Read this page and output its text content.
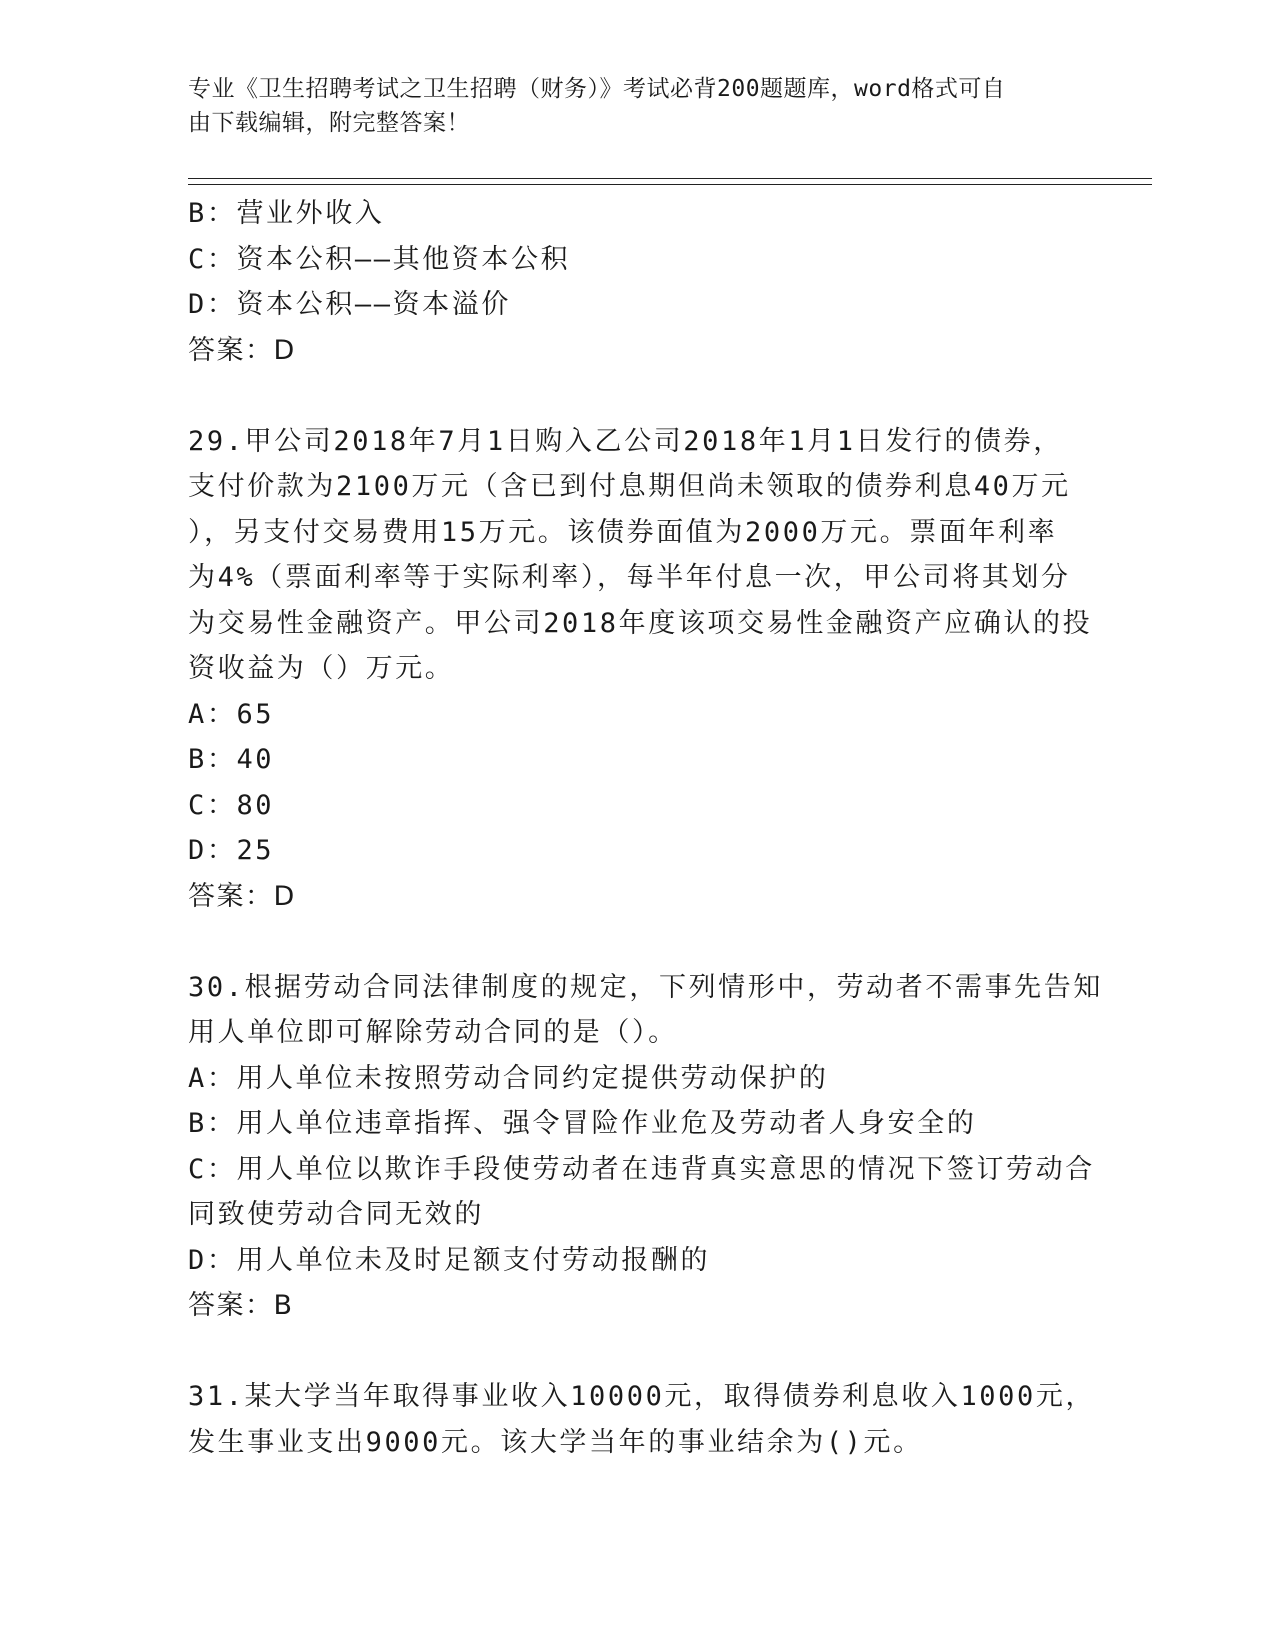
专业《卫生招聘考试之卫生招聘（财务）》考试必背200题题库，word格式可自
由下载编辑，附完整答案！
B：营业外收入
C：资本公积——其他资本公积
D：资本公积——资本溢价
答案：D
29.甲公司2018年7月1日购入乙公司2018年1月1日发行的债券，
支付价款为2100万元（含已到付息期但尚未领取的债券利息40万元
），另支付交易费用15万元。该债券面值为2000万元。票面年利率
为4%（票面利率等于实际利率），每半年付息一次，甲公司将其划分
为交易性金融资产。甲公司2018年度该项交易性金融资产应确认的投
资收益为（）万元。
A：65
B：40
C：80
D：25
答案：D
30.根据劳动合同法律制度的规定，下列情形中，劳动者不需事先告知
用人单位即可解除劳动合同的是（）。
A：用人单位未按照劳动合同约定提供劳动保护的
B：用人单位违章指挥、强令冒险作业危及劳动者人身安全的
C：用人单位以欺诈手段使劳动者在违背真实意思的情况下签订劳动合
同致使劳动合同无效的
D：用人单位未及时足额支付劳动报酬的
答案：B
31.某大学当年取得事业收入10000元，取得债券利息收入1000元，
发生事业支出9000元。该大学当年的事业结余为()元。
